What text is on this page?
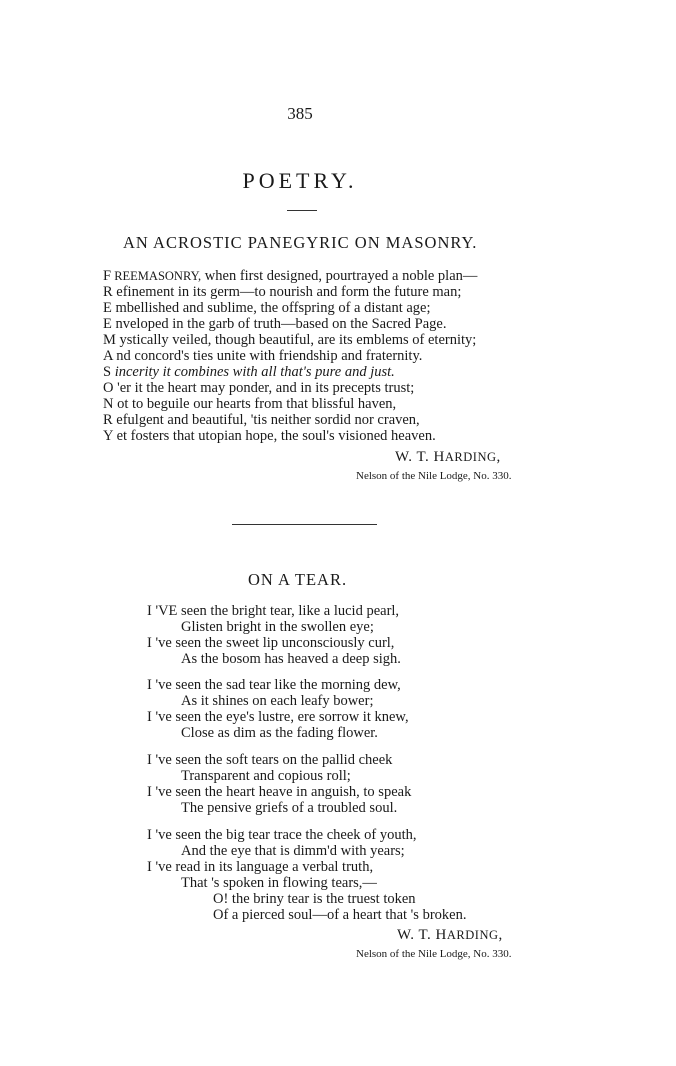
385
POETRY.
AN ACROSTIC PANEGYRIC ON MASONRY.
F REEMASONRY, when first designed, pourtrayed a noble plan—
R efinement in its germ—to nourish and form the future man;
E mbellished and sublime, the offspring of a distant age;
E nveloped in the garb of truth—based on the Sacred Page.
M ystically veiled, though beautiful, are its emblems of eternity;
A nd concord's ties unite with friendship and fraternity.
S incerity it combines with all that's pure and just.
O 'er it the heart may ponder, and in its precepts trust;
N ot to beguile our hearts from that blissful haven,
R efulgent and beautiful, 'tis neither sordid nor craven,
Y et fosters that utopian hope, the soul's visioned heaven.
W. T. HARDING,
Nelson of the Nile Lodge, No. 330.
ON A TEAR.
I 'VE seen the bright tear, like a lucid pearl,
Glisten bright in the swollen eye;
I 've seen the sweet lip unconsciously curl,
As the bosom has heaved a deep sigh.
I 've seen the sad tear like the morning dew,
As it shines on each leafy bower;
I 've seen the eye's lustre, ere sorrow it knew,
Close as dim as the fading flower.
I 've seen the soft tears on the pallid cheek
Transparent and copious roll;
I 've seen the heart heave in anguish, to speak
The pensive griefs of a troubled soul.
I 've seen the big tear trace the cheek of youth,
And the eye that is dimm'd with years;
I 've read in its language a verbal truth,
That 's spoken in flowing tears,—
O! the briny tear is the truest token
Of a pierced soul—of a heart that 's broken.
W. T. HARDING,
Nelson of the Nile Lodge, No. 330.
